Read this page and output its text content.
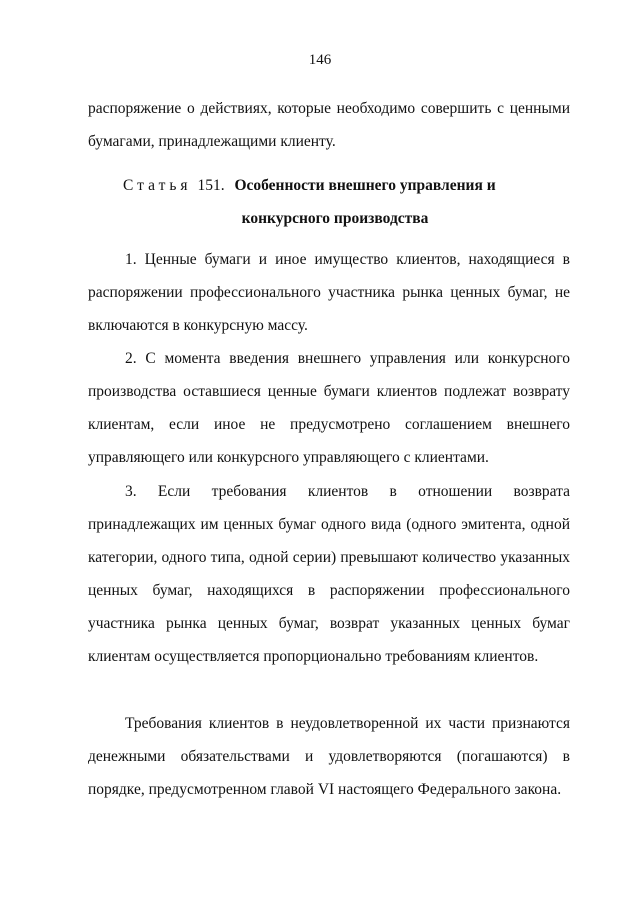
146

распоряжение о действиях, которые необходимо совершить с ценными бумагами, принадлежащими клиенту.

Статья 151. Особенности внешнего управления и
конкурсного производства

1. Ценные бумаги и иное имущество клиентов, находящиеся в распоряжении профессионального участника рынка ценных бумаг, не включаются в конкурсную массу.

2. С момента введения внешнего управления или конкурсного производства оставшиеся ценные бумаги клиентов подлежат возврату клиентам, если иное не предусмотрено соглашением внешнего управляющего или конкурсного управляющего с клиентами.

3. Если требования клиентов в отношении возврата принадлежащих им ценных бумаг одного вида (одного эмитента, одной категории, одного типа, одной серии) превышают количество указанных ценных бумаг, находящихся в распоряжении профессионального участника рынка ценных бумаг, возврат указанных ценных бумаг клиентам осуществляется пропорционально требованиям клиентов.

Требования клиентов в неудовлетворенной их части признаются денежными обязательствами и удовлетворяются (погашаются) в порядке, предусмотренном главой VI настоящего Федерального закона.
